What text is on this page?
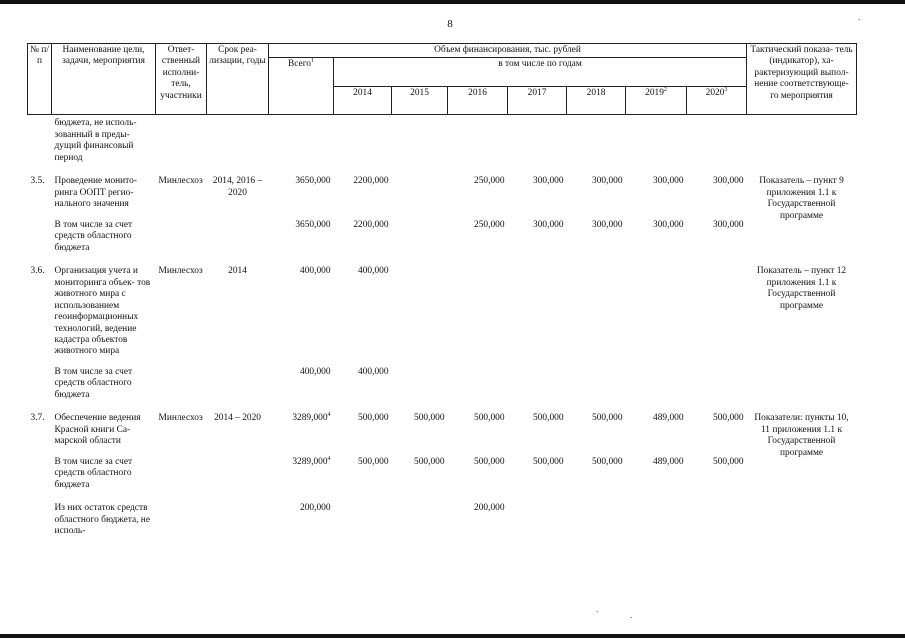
8
.
№ п/п	Наименование цели, задачи, мероприятия	Ответ- ственный исполни- тель, участники	Срок реа- лизации, годы	Объем финансирования, тыс. рублей								Тактический показа- тель (индикатор), ха- рактеризующий выпол- нение соответствующе- го мероприятия
				Всего$^1$	в том числе по годам							
					2014	2015	2016	2017	2018	2019$^2$	2020$^3$
	бюджета, не исполь- зованный в преды- дущий финансовый период											

3.5.	Проведение монито- ринга ООПТ регио- нального значения	Минлесхоз	2014, 2016 – 2020	3650,000	2200,000		250,000	300,000	300,000	300,000	300,000	Показатель – пункт 9 приложения 1.1 к Государственной программе
	В том числе за счет средств областного бюджета			3650,000	2200,000		250,000	300,000	300,000	300,000	300,000	

3.6.	Организация учета и мониторинга объек- тов животного мира с использованием геоинформационных технологий, ведение кадастра объектов животного мира	Минлесхоз	2014	400,000	400,000							Показатель – пункт 12 приложения 1.1 к Государственной программе
	В том числе за счет средств областного бюджета			400,000	400,000							

3.7.	Обеспечение ведения Красной книги Са- марской области	Минлесхоз	2014 – 2020	3289,000$^4$	500,000	500,000	500,000	500,000	500,000	489,000	500,000	Показатели: пункты 10, 11 приложения 1.1 к Государственной программе
	В том числе за счет средств областного бюджета			3289,000$^4$	500,000	500,000	500,000	500,000	500,000	489,000	500,000	

	Из них остаток средств областного бюджета, не исполь-			200,000			200,000					
.
.
